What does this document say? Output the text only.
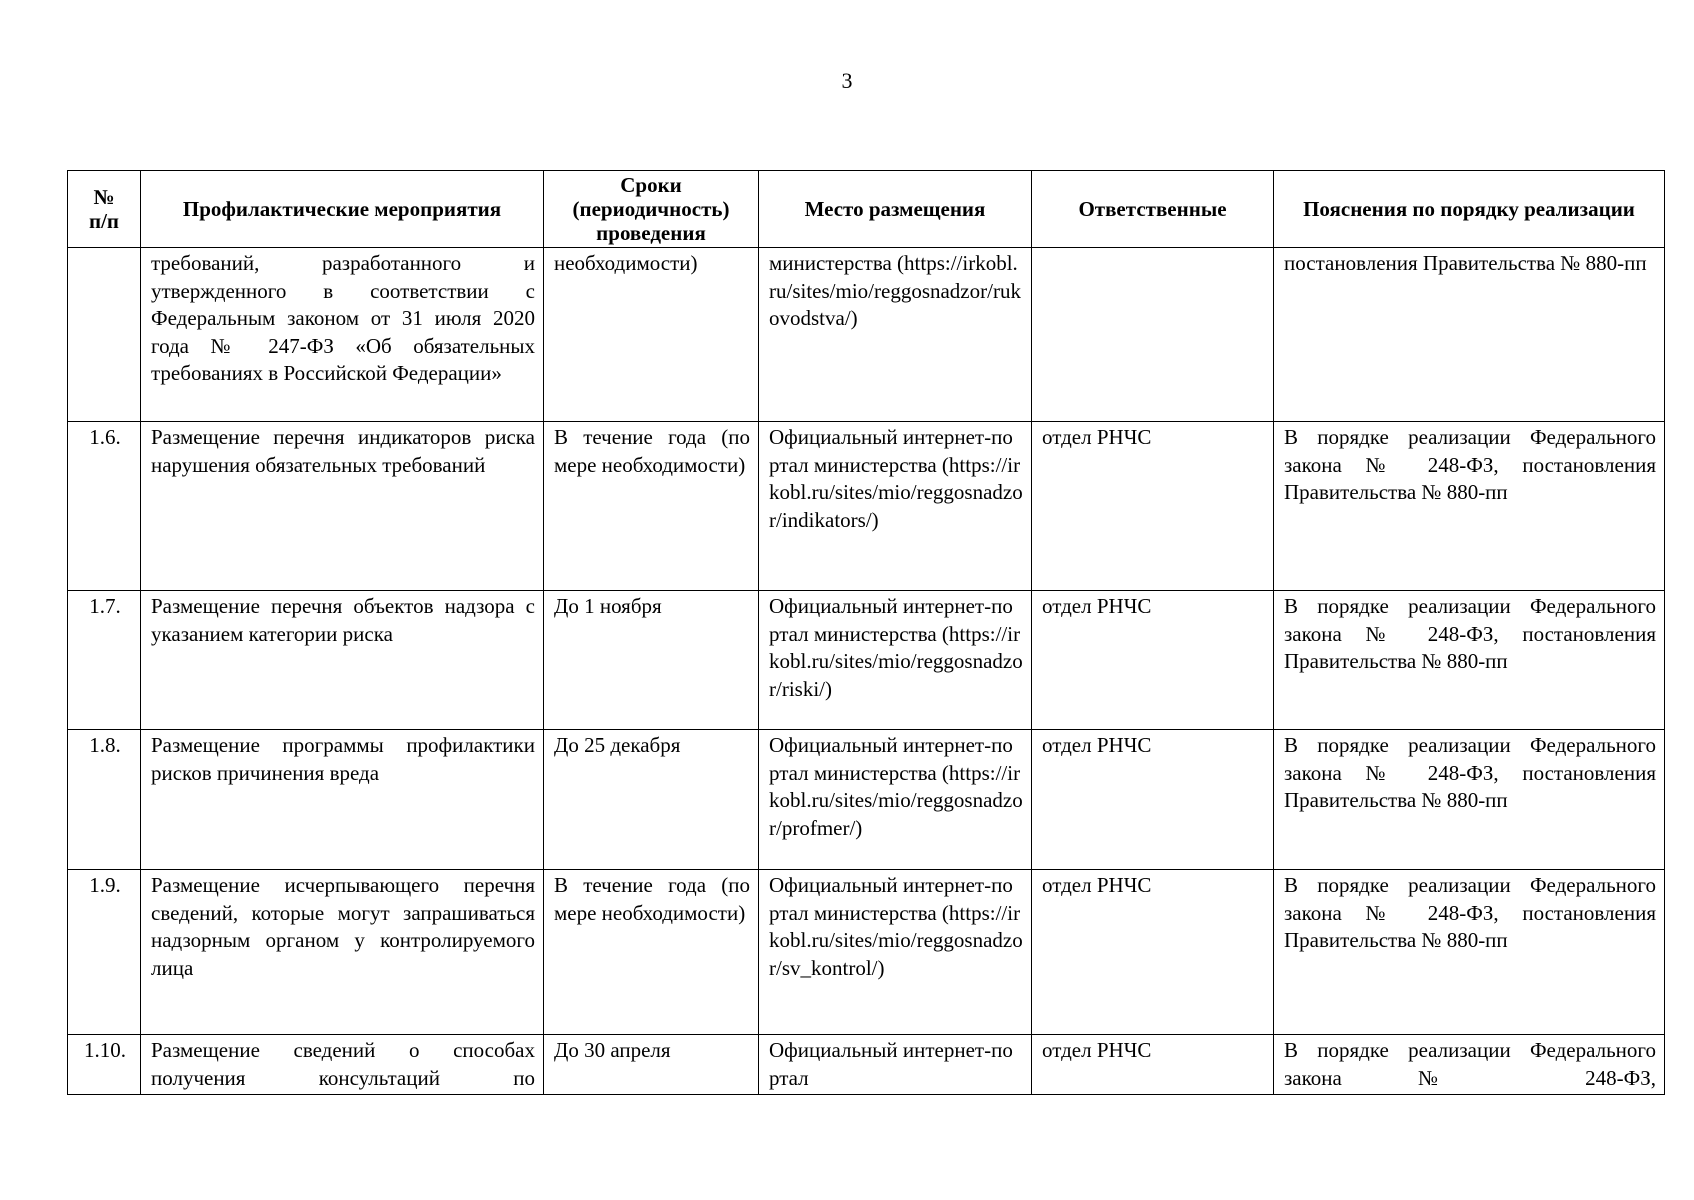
3
№
п/п	Профилактические мероприятия	Сроки (периодичность) проведения	Место размещения	Ответственные	Пояснения по порядку реализации
	требований, разработанного и утвержденного в соответствии с Федеральным законом от 31 июля 2020 года № 247-ФЗ «Об обязательных требованиях в Российской Федерации»	необходимости)	министерства (https://irkobl.ru/sites/mio/reggosnadzor/rukovodstva/)		постановления Правительства № 880-пп
1.6.	Размещение перечня индикаторов риска нарушения обязательных требований	В течение года (по мере необходимости)	Официальный интернет-портал министерства (https://irkobl.ru/sites/mio/reggosnadzor/indikators/)	отдел РНЧС	В порядке реализации Федерального закона № 248-ФЗ, постановления Правительства № 880-пп
1.7.	Размещение перечня объектов надзора с указанием категории риска	До 1 ноября	Официальный интернет-портал министерства (https://irkobl.ru/sites/mio/reggosnadzor/riski/)	отдел РНЧС	В порядке реализации Федерального закона № 248-ФЗ, постановления Правительства № 880-пп
1.8.	Размещение программы профилактики рисков причинения вреда	До 25 декабря	Официальный интернет-портал министерства (https://irkobl.ru/sites/mio/reggosnadzor/profmer/)	отдел РНЧС	В порядке реализации Федерального закона № 248-ФЗ, постановления Правительства № 880-пп
1.9.	Размещение исчерпывающего перечня сведений, которые могут запрашиваться надзорным органом у контролируемого лица	В течение года (по мере необходимости)	Официальный интернет-портал министерства (https://irkobl.ru/sites/mio/reggosnadzor/sv_kontrol/)	отдел РНЧС	В порядке реализации Федерального закона № 248-ФЗ, постановления Правительства № 880-пп
1.10.	Размещение сведений о способах получения консультаций по	До 30 апреля	Официальный интернет-портал	отдел РНЧС	В порядке реализации Федерального закона № 248-ФЗ,
